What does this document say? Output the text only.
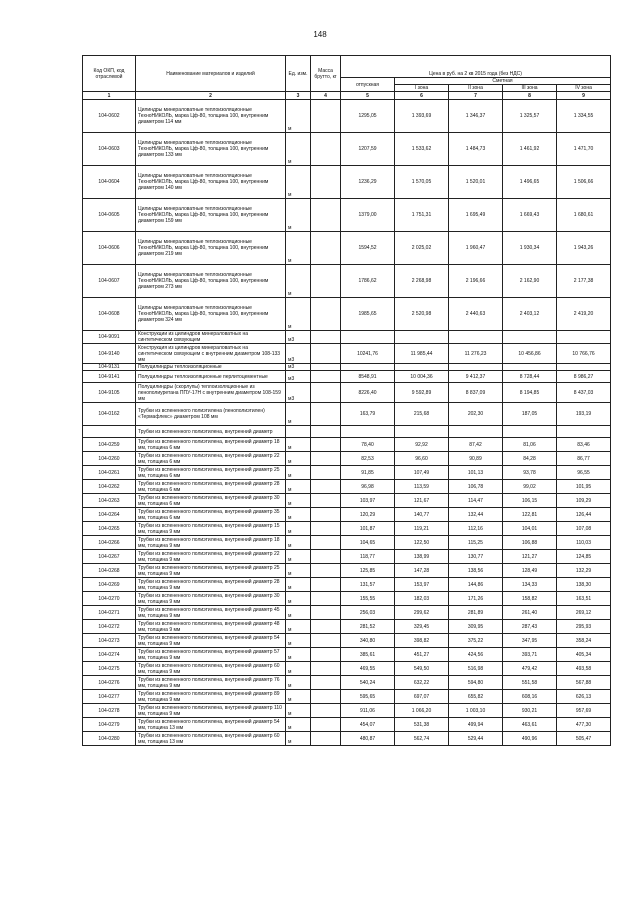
148
Код ОКП, код отраслевой	Наименование материалов и изделий	Ед. изм.	Масса брутто, кг	Цена в руб. на 2 кв 2015 года (без НДС)				
				отпускная	Сметная			
					I зона	II зона	III зона	IV зона
1	2	3	4	5	6	7	8	9
104-0602	Цилиндры минераловатные теплоизоляционные ТехноНИКОЛЬ, марка Цф-80, толщина 100, внутренним диаметром 114 мм	м		1295,05	1 393,69	1 346,37	1 325,57	1 334,55
104-0603	Цилиндры минераловатные теплоизоляционные ТехноНИКОЛЬ, марка Цф-80, толщина 100, внутренним диаметром 133 мм	м		1207,59	1 533,62	1 484,73	1 461,92	1 471,70
104-0604	Цилиндры минераловатные теплоизоляционные ТехноНИКОЛЬ, марка Цф-80, толщина 100, внутренним диаметром 140 мм	м		1236,29	1 570,05	1 520,01	1 496,65	1 506,66
104-0605	Цилиндры минераловатные теплоизоляционные ТехноНИКОЛЬ, марка Цф-80, толщина 100, внутренним диаметром 159 мм	м		1379,00	1 751,31	1 695,49	1 669,43	1 680,61
104-0606	Цилиндры минераловатные теплоизоляционные ТехноНИКОЛЬ, марка Цф-80, толщина 100, внутренним диаметром 219 мм	м		1594,52	2 025,02	1 960,47	1 930,34	1 943,26
104-0607	Цилиндры минераловатные теплоизоляционные ТехноНИКОЛЬ, марка Цф-80, толщина 100, внутренним диаметром 273 мм	м		1786,62	2 268,98	2 196,66	2 162,90	2 177,38
104-0608	Цилиндры минераловатные теплоизоляционные ТехноНИКОЛЬ, марка Цф-80, толщина 100, внутренним диаметром 324 мм	м		1985,65	2 520,98	2 440,63	2 403,12	2 419,20
104-9091	Конструкции из цилиндров минераловатных на синтетическом связующем	м3						
104-9140	Конструкция из цилиндров минераловатных на синтетическом связующем с внутренним диаметром 108-133 мм	м3		10241,76	11 985,44	11 276,23	10 456,86	10 766,76
104-9131	Полуцилиндры теплоизоляционные	м3						
104-9141	Полуцилиндры теплоизоляционные перлитоцементные	м3		8548,91	10 004,36	9 412,37	8 728,44	8 986,27
104-9105	Полуцилиндры (скорлупы) теплоизоляционные из пенополиуретана ППУ-17Н с внутренним диаметром 108-159 мм	м3		8226,40	9 592,89	8 837,09	8 194,85	8 437,03
104-0162	Трубки из вспененного полиэтилена (пенополиэтилен) «Термафлекс» диаметром 108 мм	м		163,79	215,68	202,30	187,05	193,19
	Трубки из вспененного полиэтилена, внутренний диаметр							
104-0259	Трубки из вспененного полиэтилена, внутренний диаметр 18 мм, толщина 6 мм	м		78,40	92,92	87,42	81,06	83,46
104-0260	Трубки из вспененного полиэтилена, внутренний диаметр 22 мм, толщина 6 мм	м		82,53	96,60	90,89	84,28	86,77
104-0261	Трубки из вспененного полиэтилена, внутренний диаметр 25 мм, толщина 6 мм	м		91,85	107,49	101,13	93,78	96,55
104-0262	Трубки из вспененного полиэтилена, внутренний диаметр 28 мм, толщина 6 мм	м		96,98	113,59	106,78	99,02	101,95
104-0263	Трубки из вспененного полиэтилена, внутренний диаметр 30 мм, толщина 6 мм	м		103,97	121,67	114,47	106,15	109,29
104-0264	Трубки из вспененного полиэтилена, внутренний диаметр 35 мм, толщина 6 мм	м		120,29	140,77	132,44	122,81	126,44
104-0265	Трубки из вспененного полиэтилена, внутренний диаметр 15 мм, толщина 9 мм	м		101,87	119,21	112,16	104,01	107,08
104-0266	Трубки из вспененного полиэтилена, внутренний диаметр 18 мм, толщина 9 мм	м		104,65	122,50	115,25	106,88	110,03
104-0267	Трубки из вспененного полиэтилена, внутренний диаметр 22 мм, толщина 9 мм	м		118,77	138,99	130,77	121,27	124,85
104-0268	Трубки из вспененного полиэтилена, внутренний диаметр 25 мм, толщина 9 мм	м		125,85	147,28	138,56	128,49	132,29
104-0269	Трубки из вспененного полиэтилена, внутренний диаметр 28 мм, толщина 9 мм	м		131,57	153,97	144,86	134,33	138,30
104-0270	Трубки из вспененного полиэтилена, внутренний диаметр 30 мм, толщина 9 мм	м		155,55	182,03	171,26	158,82	163,51
104-0271	Трубки из вспененного полиэтилена, внутренний диаметр 45 мм, толщина 9 мм	м		256,03	299,62	281,89	261,40	269,12
104-0272	Трубки из вспененного полиэтилена, внутренний диаметр 48 мм, толщина 9 мм	м		281,52	329,45	309,95	287,43	295,93
104-0273	Трубки из вспененного полиэтилена, внутренний диаметр 54 мм, толщина 9 мм	м		340,80	398,82	375,22	347,95	358,24
104-0274	Трубки из вспененного полиэтилена, внутренний диаметр 57 мм, толщина 9 мм	м		385,61	451,27	424,56	393,71	405,34
104-0275	Трубки из вспененного полиэтилена, внутренний диаметр 60 мм, толщина 9 мм	м		469,55	549,50	516,98	479,42	493,58
104-0276	Трубки из вспененного полиэтилена, внутренний диаметр 76 мм, толщина 9 мм	м		540,24	632,22	594,80	551,58	567,88
104-0277	Трубки из вспененного полиэтилена, внутренний диаметр 89 мм, толщина 9 мм	м		595,65	697,07	655,82	608,16	626,13
104-0278	Трубки из вспененного полиэтилена, внутренний диаметр 110 мм, толщина 9 мм	м		911,06	1 066,20	1 003,10	930,21	957,69
104-0279	Трубки из вспененного полиэтилена, внутренний диаметр 54 мм, толщина 13 мм	м		454,07	531,38	499,94	463,61	477,30
104-0280	Трубки из вспененного полиэтилена, внутренний диаметр 60 мм, толщина 13 мм	м		480,87	562,74	529,44	490,96	505,47
